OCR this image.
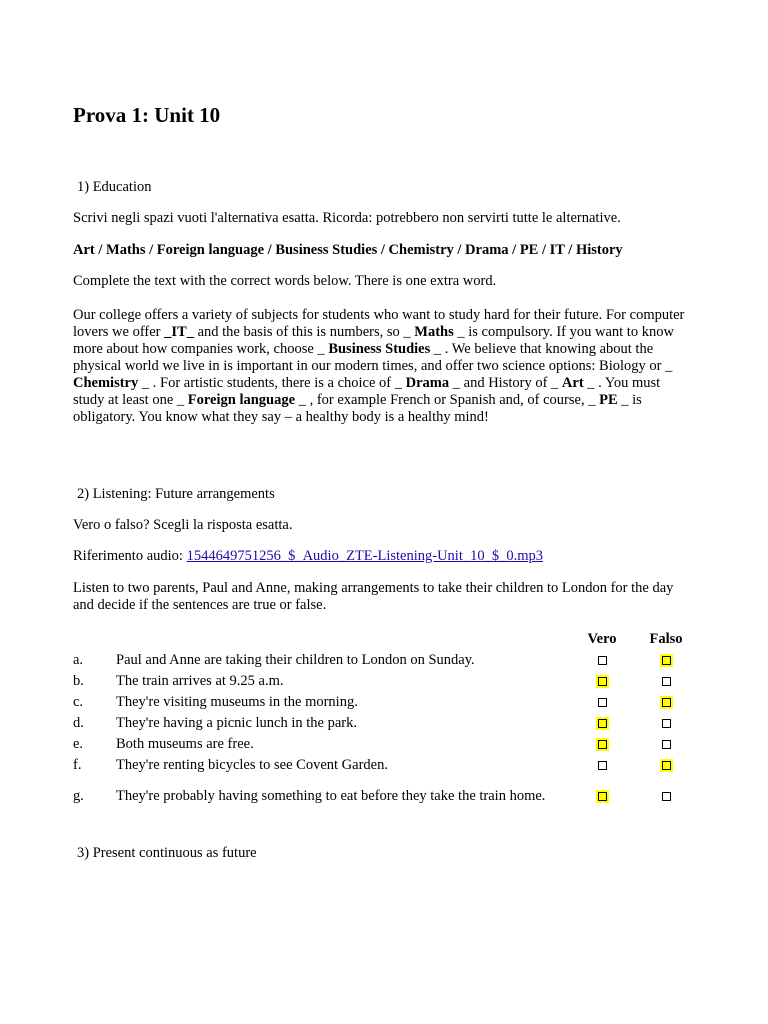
Prova 1: Unit 10

1) Education

Scrivi negli spazi vuoti l'alternativa esatta. Ricorda: potrebbero non servirti tutte le alternative.

Art / Maths / Foreign language / Business Studies / Chemistry / Drama / PE / IT / History

Complete the text with the correct words below. There is one extra word.

Our college offers a variety of subjects for students who want to study hard for their future. For computer lovers we offer _IT_ and the basis of this is numbers, so _ Maths _ is compulsory. If you want to know more about how companies work, choose _ Business Studies _ . We believe that knowing about the physical world we live in is important in our modern times, and offer two science options: Biology or _ Chemistry _ . For artistic students, there is a choice of _ Drama _ and History of _ Art _ . You must study at least one _ Foreign language _ , for example French or Spanish and, of course, _ PE _ is obligatory. You know what they say – a healthy body is a healthy mind!

2) Listening: Future arrangements

Vero o falso? Scegli la risposta esatta.

Riferimento audio: 1544649751256_$_Audio_ZTE-Listening-Unit_10_$_0.mp3

Listen to two parents, Paul and Anne, making arrangements to take their children to London for the day and decide if the sentences are true or false.

		Vero	Falso
a.	Paul and Anne are taking their children to London on Sunday.		
b.	The train arrives at 9.25 a.m.		
c.	They're visiting museums in the morning.		
d.	They're having a picnic lunch in the park.		
e.	Both museums are free.		
f.	They're renting bicycles to see Covent Garden.		
g.	They're probably having something to eat before they take the train home.		

3) Present continuous as future
